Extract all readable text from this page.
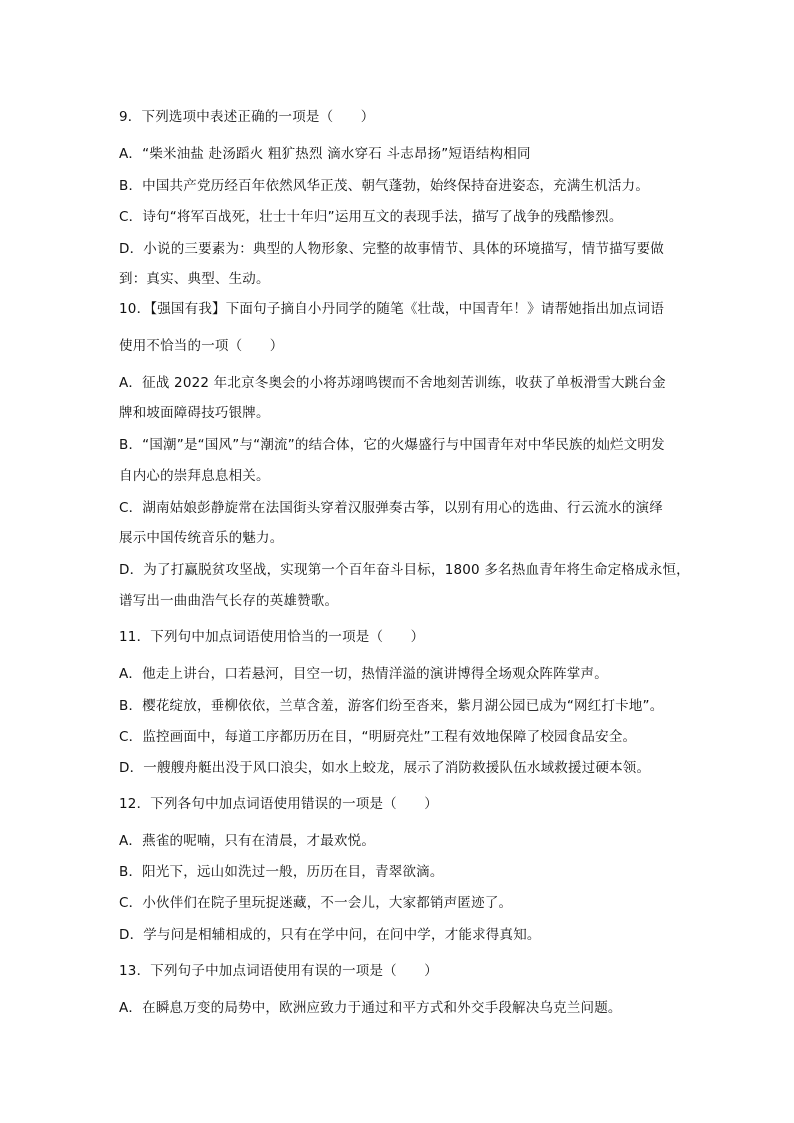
9．下列选项中表述正确的一项是（　　）
A．“柴米油盐 赴汤蹈火 粗犷热烈 滴水穿石 斗志昂扬”短语结构相同
B．中国共产党历经百年依然风华正茂、朝气蓬勃，始终保持奋进姿态，充满生机活力。
C．诗句“将军百战死，壮士十年归”运用互文的表现手法，描写了战争的残酷惨烈。
D．小说的三要素为：典型的人物形象、完整的故事情节、具体的环境描写，情节描写要做
到：真实、典型、生动。
10．【强国有我】下面句子摘自小丹同学的随笔《壮哉，中国青年！》请帮她指出加点词语
使用不恰当的一项（　　）
A．征战 2022 年北京冬奥会的小将苏翊鸣锲而不舍地刻苦训练，收获了单板滑雪大跳台金
牌和坡面障碍技巧银牌。
B．“国潮”是“国风”与“潮流”的结合体，它的火爆盛行与中国青年对中华民族的灿烂文明发
自内心的崇拜息息相关。
C．湖南姑娘彭静旋常在法国街头穿着汉服弹奏古筝，以别有用心的选曲、行云流水的演绎
展示中国传统音乐的魅力。
D．为了打赢脱贫攻坚战，实现第一个百年奋斗目标，1800 多名热血青年将生命定格成永恒，
谱写出一曲曲浩气长存的英雄赞歌。
11．下列句中加点词语使用恰当的一项是（　　）
A．他走上讲台，口若悬河，目空一切，热情洋溢的演讲博得全场观众阵阵掌声。
B．樱花绽放，垂柳依依，兰草含羞，游客们纷至沓来，紫月湖公园已成为“网红打卡地”。
C．监控画面中，每道工序都历历在目，“明厨亮灶”工程有效地保障了校园食品安全。
D．一艘艘舟艇出没于风口浪尖，如水上蛟龙，展示了消防救援队伍水域救援过硬本领。
12．下列各句中加点词语使用错误的一项是（　　）
A．燕雀的呢喃，只有在清晨，才最欢悦。
B．阳光下，远山如洗过一般，历历在目，青翠欲滴。
C．小伙伴们在院子里玩捉迷藏，不一会儿，大家都销声匿迹了。
D．学与问是相辅相成的，只有在学中问，在问中学，才能求得真知。
13．下列句子中加点词语使用有误的一项是（　　）
A．在瞬息万变的局势中，欧洲应致力于通过和平方式和外交手段解决乌克兰问题。
